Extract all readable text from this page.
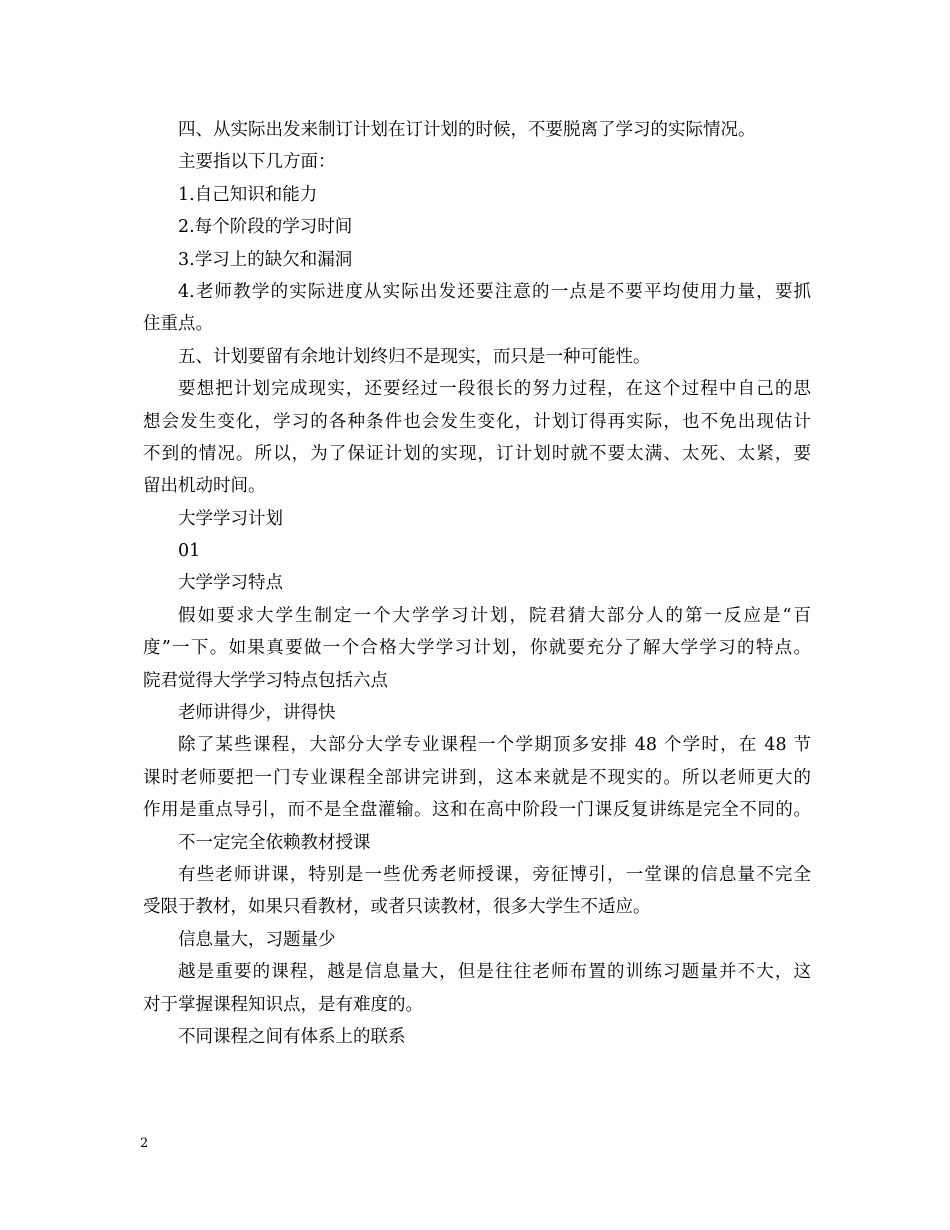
四、从实际出发来制订计划在订计划的时候，不要脱离了学习的实际情况。
主要指以下几方面：
1.自己知识和能力
2.每个阶段的学习时间
3.学习上的缺欠和漏洞
4.老师教学的实际进度从实际出发还要注意的一点是不要平均使用力量，要抓
住重点。
五、计划要留有余地计划终归不是现实，而只是一种可能性。
要想把计划完成现实，还要经过一段很长的努力过程，在这个过程中自己的思
想会发生变化，学习的各种条件也会发生变化，计划订得再实际，也不免出现估计
不到的情况。所以，为了保证计划的实现，订计划时就不要太满、太死、太紧，要
留出机动时间。
大学学习计划
01
大学学习特点
假如要求大学生制定一个大学学习计划，院君猜大部分人的第一反应是“百
度”一下。如果真要做一个合格大学学习计划，你就要充分了解大学学习的特点。
院君觉得大学学习特点包括六点
老师讲得少，讲得快
除了某些课程，大部分大学专业课程一个学期顶多安排 48 个学时，在 48 节
课时老师要把一门专业课程全部讲完讲到，这本来就是不现实的。所以老师更大的
作用是重点导引，而不是全盘灌输。这和在高中阶段一门课反复讲练是完全不同的。
不一定完全依赖教材授课
有些老师讲课，特别是一些优秀老师授课，旁征博引，一堂课的信息量不完全
受限于教材，如果只看教材，或者只读教材，很多大学生不适应。
信息量大，习题量少
越是重要的课程，越是信息量大，但是往往老师布置的训练习题量并不大，这
对于掌握课程知识点，是有难度的。
不同课程之间有体系上的联系
2
